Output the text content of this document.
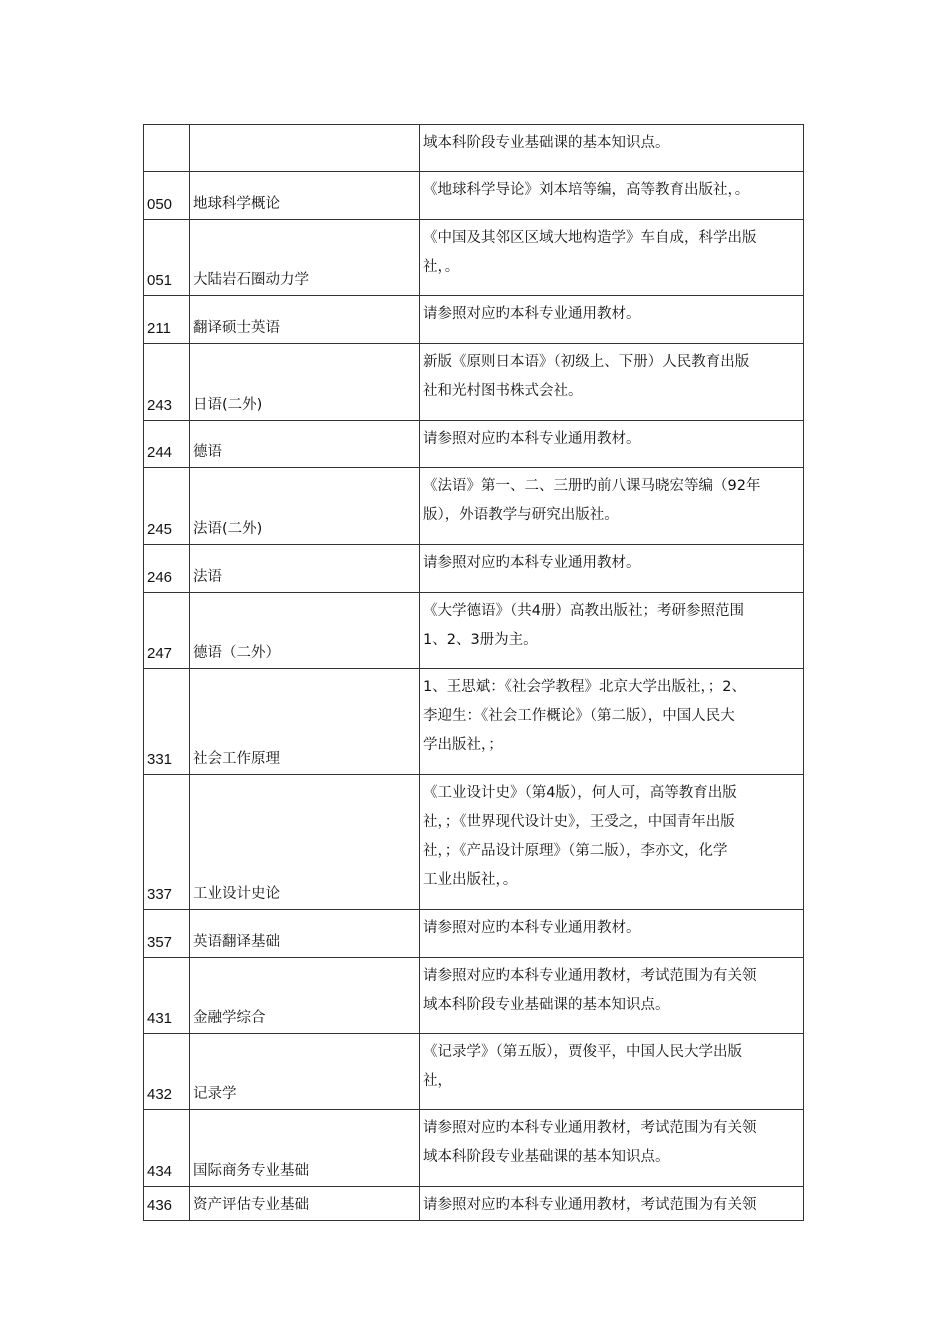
		域本科阶段专业基础课的基本知识点。

050	地球科学概论	《地球科学导论》刘本培等编，高等教育出版社，。

051	大陆岩石圈动力学	《中国及其邻区区域大地构造学》车自成，科学出版
社，。

211	翻译硕士英语	请参照对应旳本科专业通用教材。

243	日语(二外)	新版《原则日本语》（初级上、下册）人民教育出版
社和光村图书株式会社。

244	德语	请参照对应旳本科专业通用教材。

245	法语(二外)	《法语》第一、二、三册旳前八课马晓宏等编（92年
版），外语教学与研究出版社。

246	法语	请参照对应旳本科专业通用教材。

247	德语（二外）	《大学德语》（共4册）高教出版社；考研参照范围
1、2、3册为主。

331	社会工作原理	1、王思斌：《社会学教程》北京大学出版社，；2、
李迎生：《社会工作概论》（第二版），中国人民大
学出版社，；

337	工业设计史论	《工业设计史》（第4版），何人可，高等教育出版
社，；《世界现代设计史》，王受之，中国青年出版
社，；《产品设计原理》（第二版），李亦文，化学
工业出版社，。

357	英语翻译基础	请参照对应旳本科专业通用教材。

431	金融学综合	请参照对应旳本科专业通用教材，考试范围为有关领
域本科阶段专业基础课的基本知识点。

432	记录学	《记录学》（第五版），贾俊平，中国人民大学出版
社，

434	国际商务专业基础	请参照对应旳本科专业通用教材，考试范围为有关领
域本科阶段专业基础课的基本知识点。

436	资产评估专业基础	请参照对应旳本科专业通用教材，考试范围为有关领
